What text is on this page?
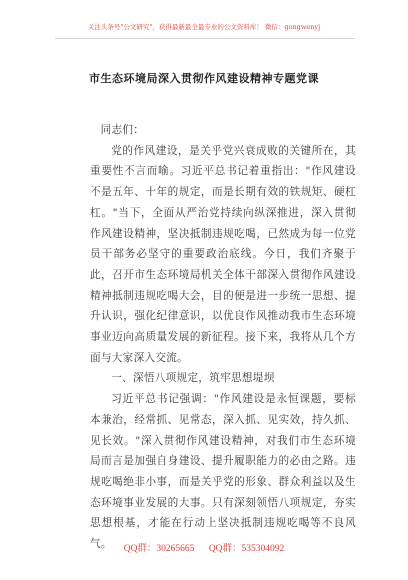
关注头条号"公文研究"，获得最新最全最专业的公文资料库！ 微信：gongwenyj
市生态环境局深入贯彻作风建设精神专题党课

同志们：

党的作风建设，是关乎党兴衰成败的关键所在，其重要性不言而喻。习近平总书记着重指出："作风建设不是五年、十年的规定，而是长期有效的铁规矩、硬杠杠。"当下，全面从严治党持续向纵深推进，深入贯彻作风建设精神，坚决抵制违规吃喝，已然成为每一位党员干部务必坚守的重要政治底线。今日，我们齐聚于此，召开市生态环境局机关全体干部深入贯彻作风建设精神抵制违规吃喝大会，目的便是进一步统一思想、提升认识，强化纪律意识，以优良作风推动我市生态环境事业迈向高质量发展的新征程。接下来，我将从几个方面与大家深入交流。

一、深悟八项规定，筑牢思想堤坝

习近平总书记强调："作风建设是永恒课题，要标本兼治，经常抓、见常态，深入抓、见实效，持久抓、见长效。"深入贯彻作风建设精神，对我们市生态环境局而言是加强自身建设、提升履职能力的必由之路。违规吃喝绝非小事，而是关乎党的形象、群众利益以及生态环境事业发展的大事。只有深刻领悟八项规定，夯实思想根基，才能在行动上坚决抵制违规吃喝等不良风气。	QQ群：30265665 QQ群：535304092
